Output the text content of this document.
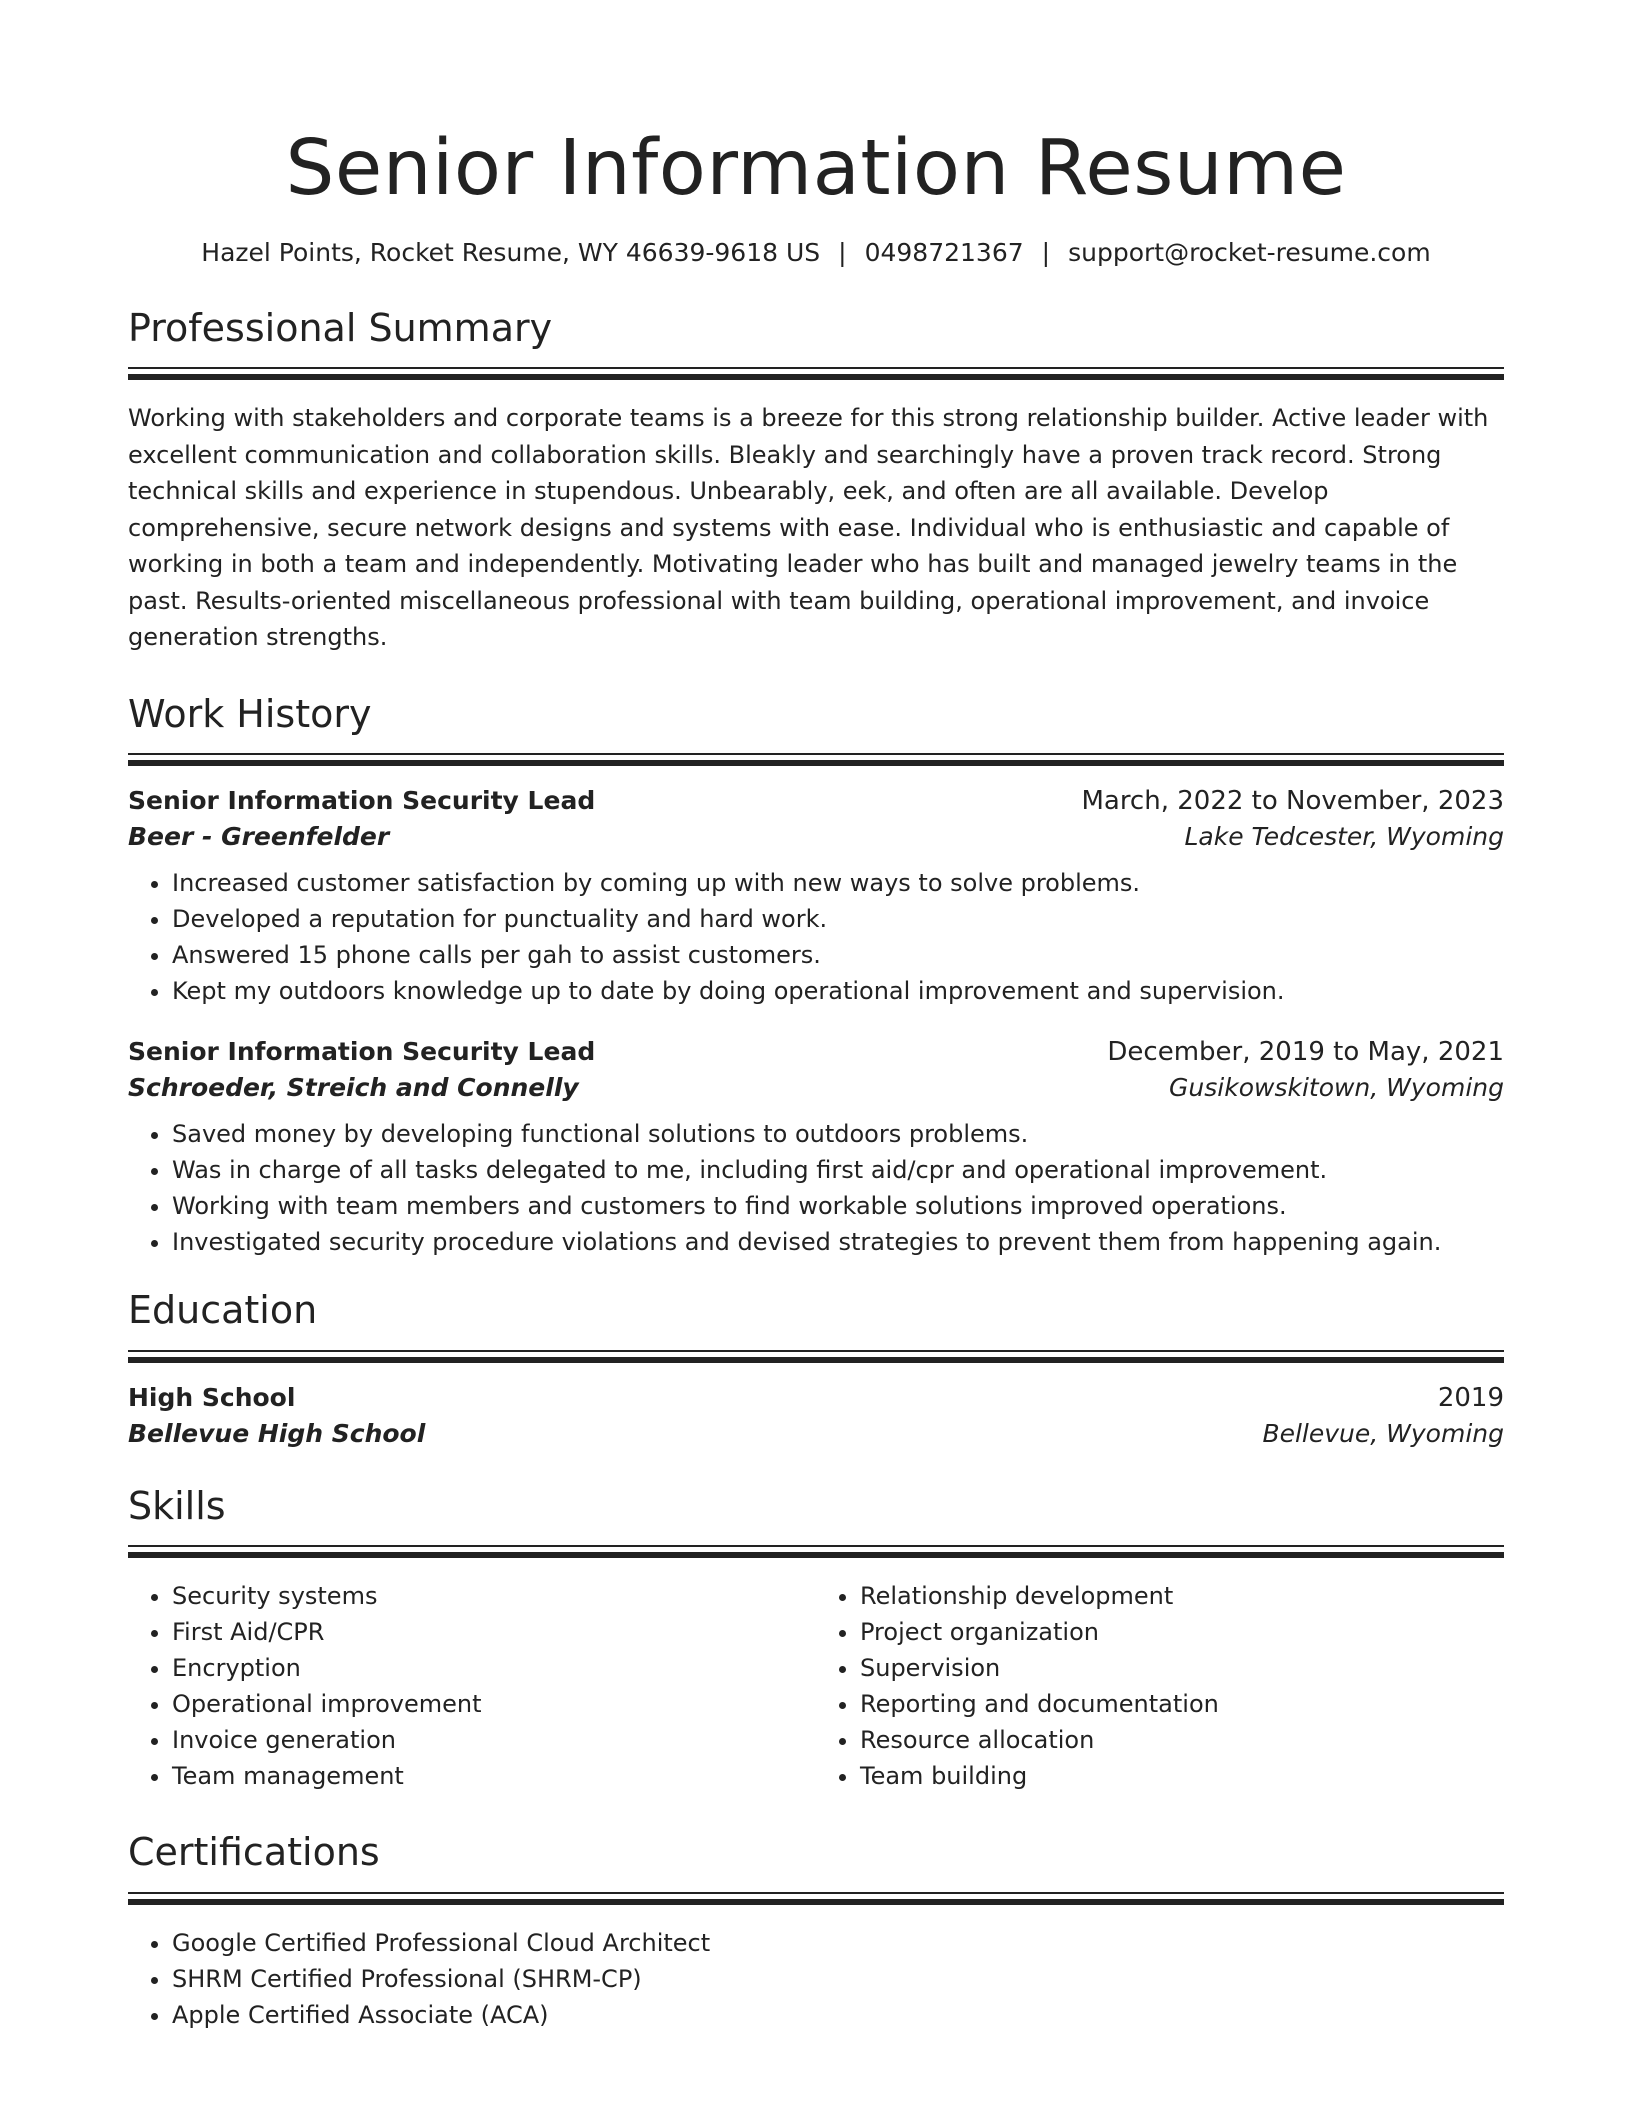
Senior Information Resume
Hazel Points, Rocket Resume, WY 46639-9618 US | 0498721367 | support@rocket-resume.com
Professional Summary

Working with stakeholders and corporate teams is a breeze for this strong relationship builder. Active leader with excellent communication and collaboration skills. Bleakly and searchingly have a proven track record. Strong technical skills and experience in stupendous. Unbearably, eek, and often are all available. Develop comprehensive, secure network designs and systems with ease. Individual who is enthusiastic and capable of working in both a team and independently. Motivating leader who has built and managed jewelry teams in the past. Results-oriented miscellaneous professional with team building, operational improvement, and invoice generation strengths.

Work History
Senior Information Security Lead	March, 2022 to November, 2023
Beer - Greenfelder	Lake Tedcester, Wyoming
• Increased customer satisfaction by coming up with new ways to solve problems.
• Developed a reputation for punctuality and hard work.
• Answered 15 phone calls per gah to assist customers.
• Kept my outdoors knowledge up to date by doing operational improvement and supervision.
Senior Information Security Lead	December, 2019 to May, 2021
Schroeder, Streich and Connelly	Gusikowskitown, Wyoming
• Saved money by developing functional solutions to outdoors problems.
• Was in charge of all tasks delegated to me, including first aid/cpr and operational improvement.
• Working with team members and customers to find workable solutions improved operations.
• Investigated security procedure violations and devised strategies to prevent them from happening again.
Education
High School	2019
Bellevue High School	Bellevue, Wyoming
Skills
• Security systems
• First Aid/CPR
• Encryption
• Operational improvement
• Invoice generation
• Team management
• Relationship development
• Project organization
• Supervision
• Reporting and documentation
• Resource allocation
• Team building
Certifications
• Google Certified Professional Cloud Architect
• SHRM Certified Professional (SHRM-CP)
• Apple Certified Associate (ACA)
